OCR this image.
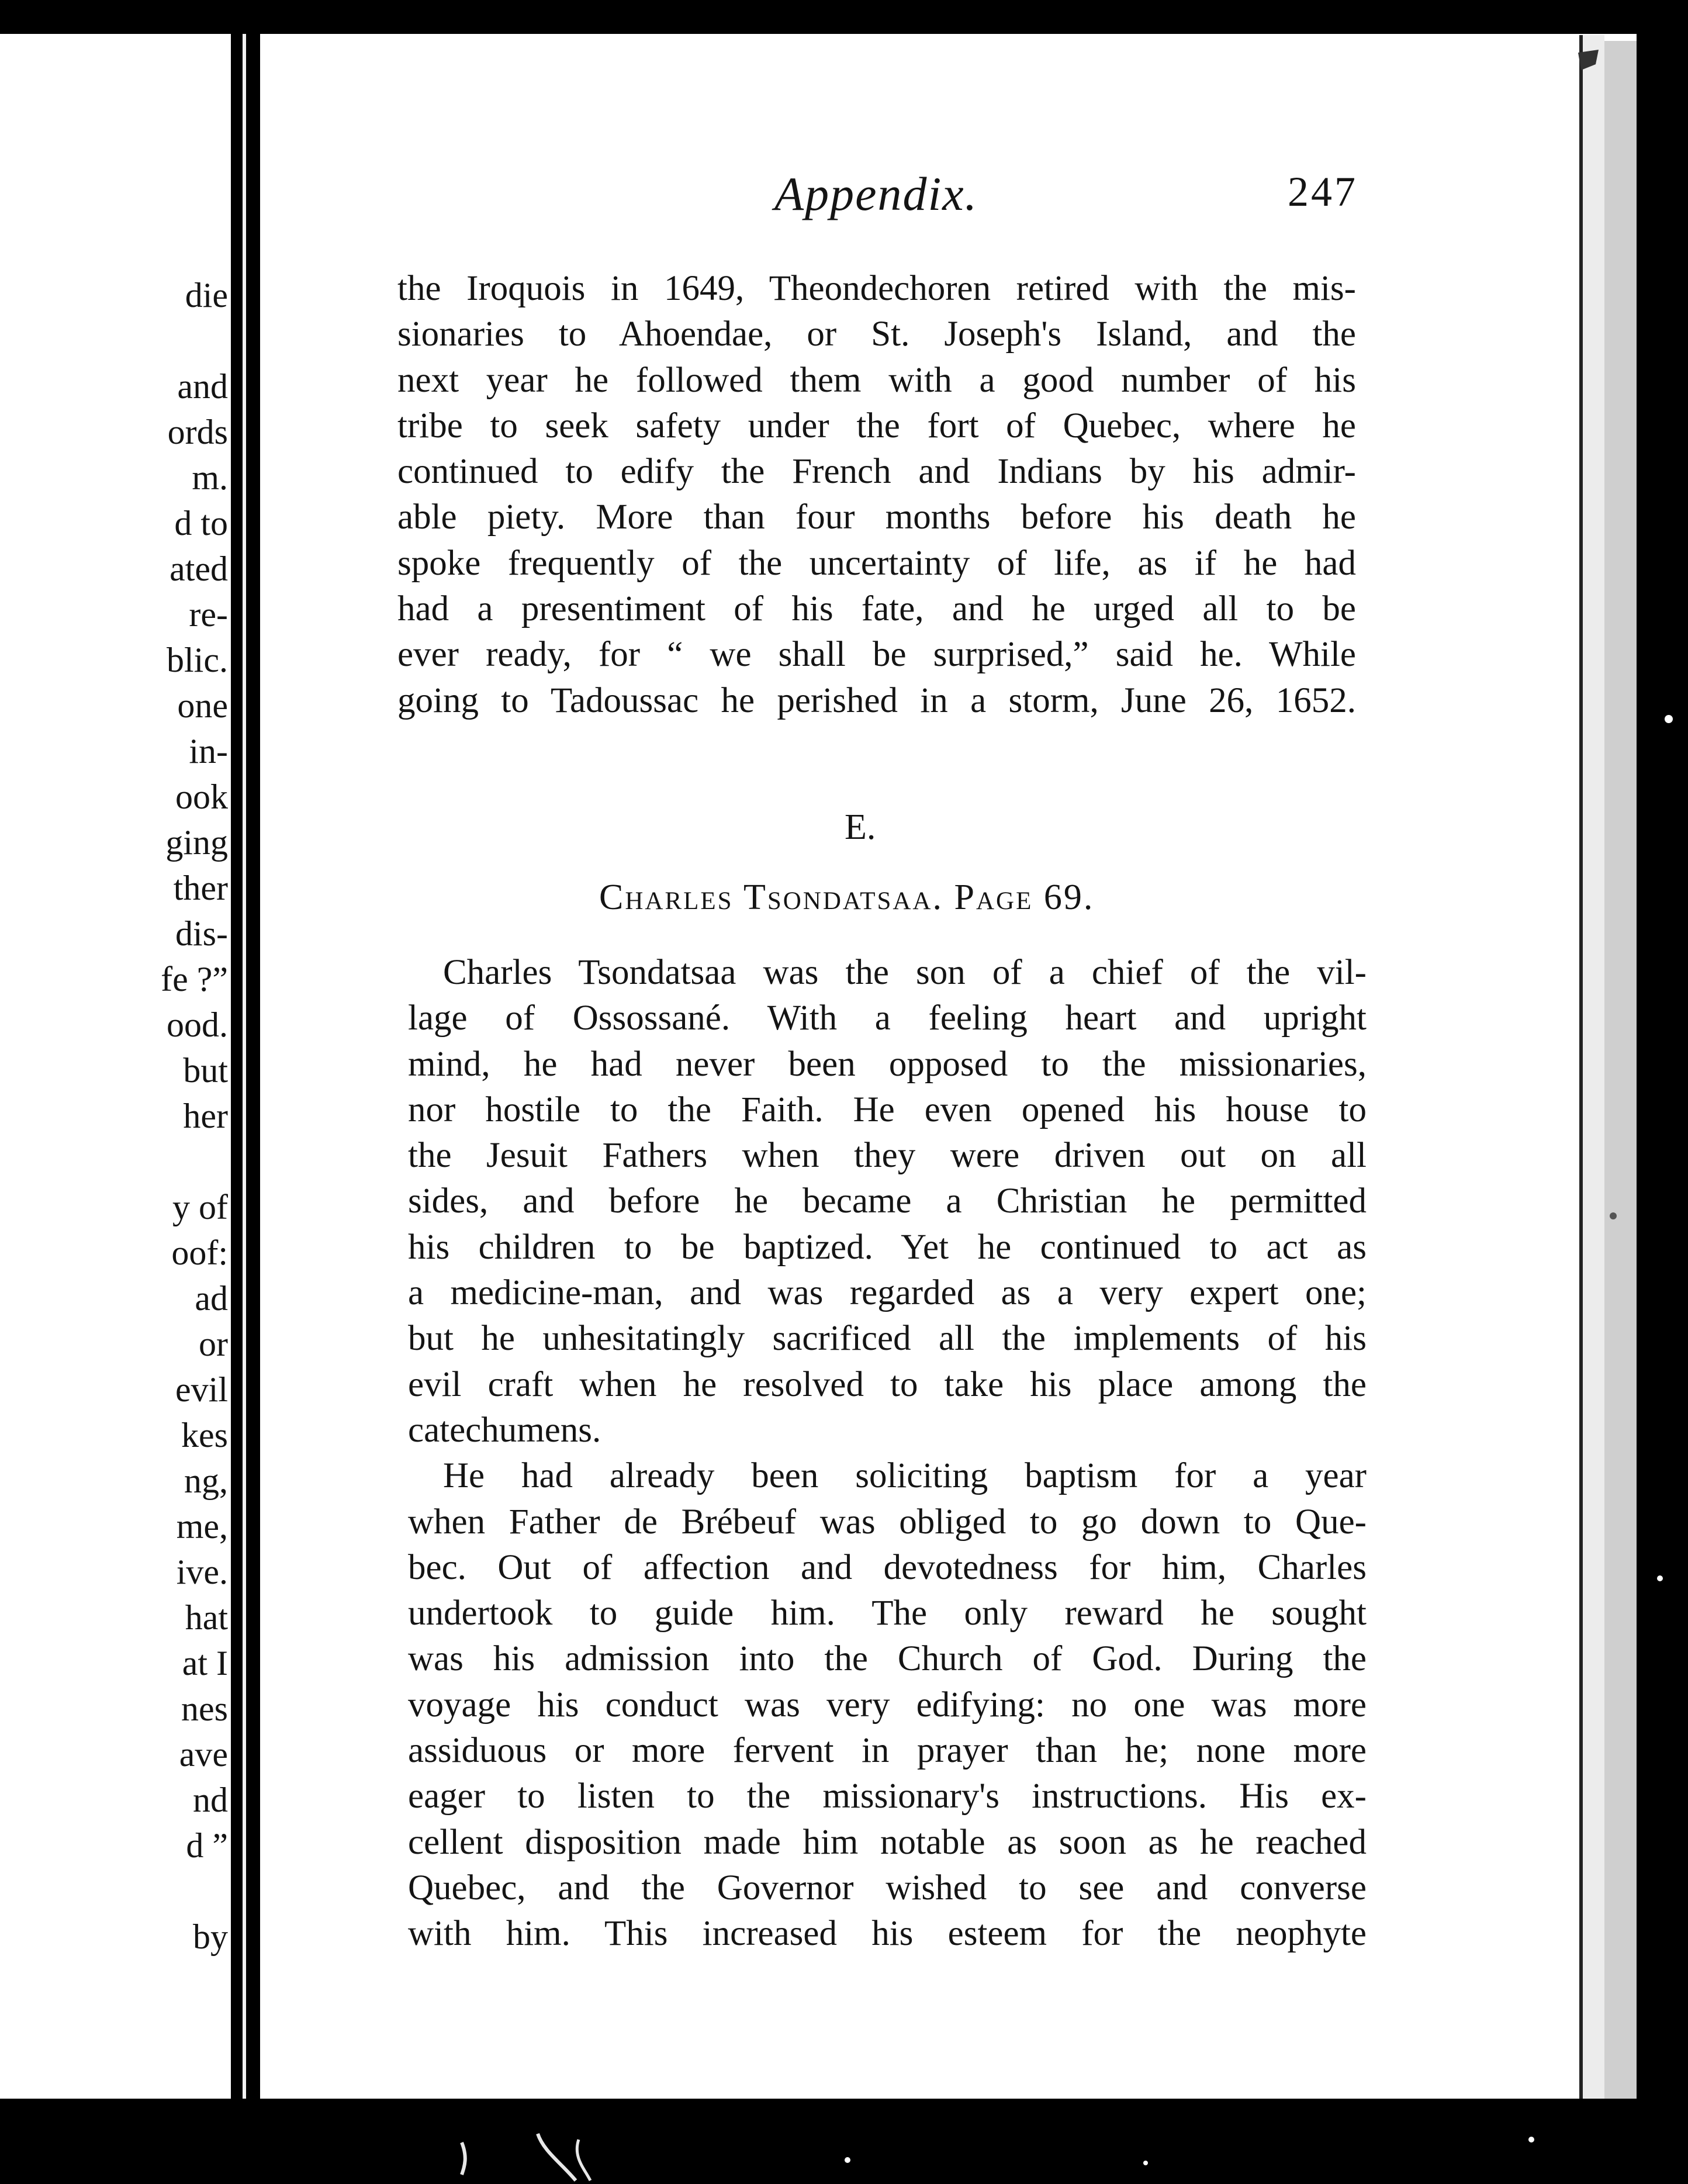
die

and

ords

m.

d to

ated

re-

blic.

one

in-

ook

ging

ther

dis-

fe ?”

ood.

but

her

y of

oof:

ad

or

evil

kes

ng,

me,

ive.

hat

at I

nes

ave

nd

d ”

by

Appendix.	247

the Iroquois in 1649, Theondechoren retired with the mis-

sionaries to Ahoendae, or St. Joseph's Island, and the

next year he followed them with a good number of his

tribe to seek safety under the fort of Quebec, where he

continued to edify the French and Indians by his admir-

able piety. More than four months before his death he

spoke frequently of the uncertainty of life, as if he had

had a presentiment of his fate, and he urged all to be

ever ready, for “ we shall be surprised,” said he. While

going to Tadoussac he perished in a storm, June 26, 1652.

E.

Charles Tsondatsaa. Page 69.

Charles Tsondatsaa was the son of a chief of the vil-

lage of Ossossané. With a feeling heart and upright

mind, he had never been opposed to the missionaries,

nor hostile to the Faith. He even opened his house to

the Jesuit Fathers when they were driven out on all

sides, and before he became a Christian he permitted

his children to be baptized. Yet he continued to act as

a medicine-man, and was regarded as a very expert one;

but he unhesitatingly sacrificed all the implements of his

evil craft when he resolved to take his place among the

catechumens.

He had already been soliciting baptism for a year

when Father de Brébeuf was obliged to go down to Que-

bec. Out of affection and devotedness for him, Charles

undertook to guide him. The only reward he sought

was his admission into the Church of God. During the

voyage his conduct was very edifying: no one was more

assiduous or more fervent in prayer than he; none more

eager to listen to the missionary's instructions. His ex-

cellent disposition made him notable as soon as he reached

Quebec, and the Governor wished to see and converse

with him. This increased his esteem for the neophyte
